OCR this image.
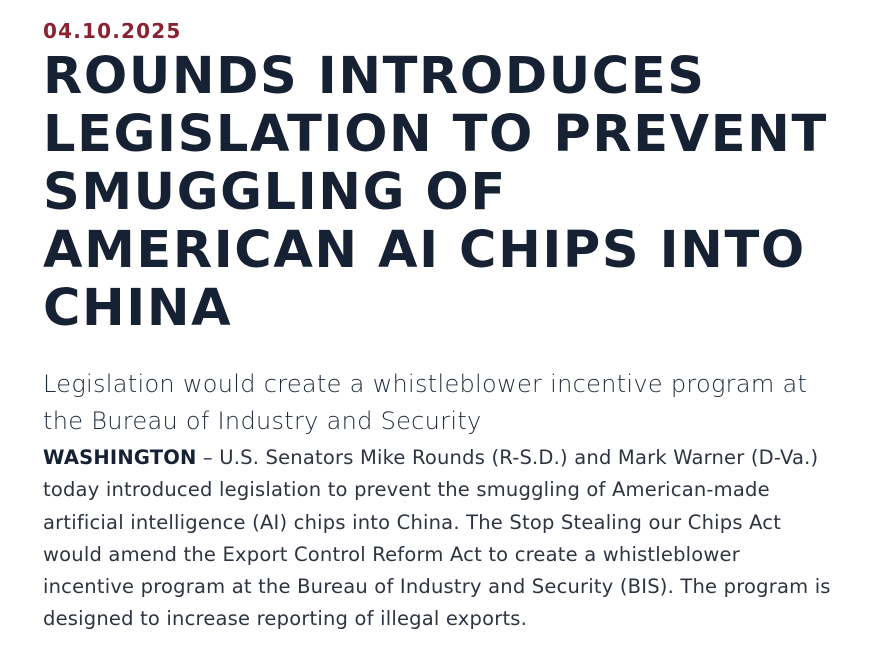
04.10.2025

ROUNDS INTRODUCES LEGISLATION TO PREVENT SMUGGLING OF AMERICAN AI CHIPS INTO CHINA
Legislation would create a whistleblower incentive program at the Bureau of Industry and Security

WASHINGTON – U.S. Senators Mike Rounds (R-S.D.) and Mark Warner (D-Va.) today introduced legislation to prevent the smuggling of American-made artificial intelligence (AI) chips into China. The Stop Stealing our Chips Act would amend the Export Control Reform Act to create a whistleblower incentive program at the Bureau of Industry and Security (BIS). The program is designed to increase reporting of illegal exports.
